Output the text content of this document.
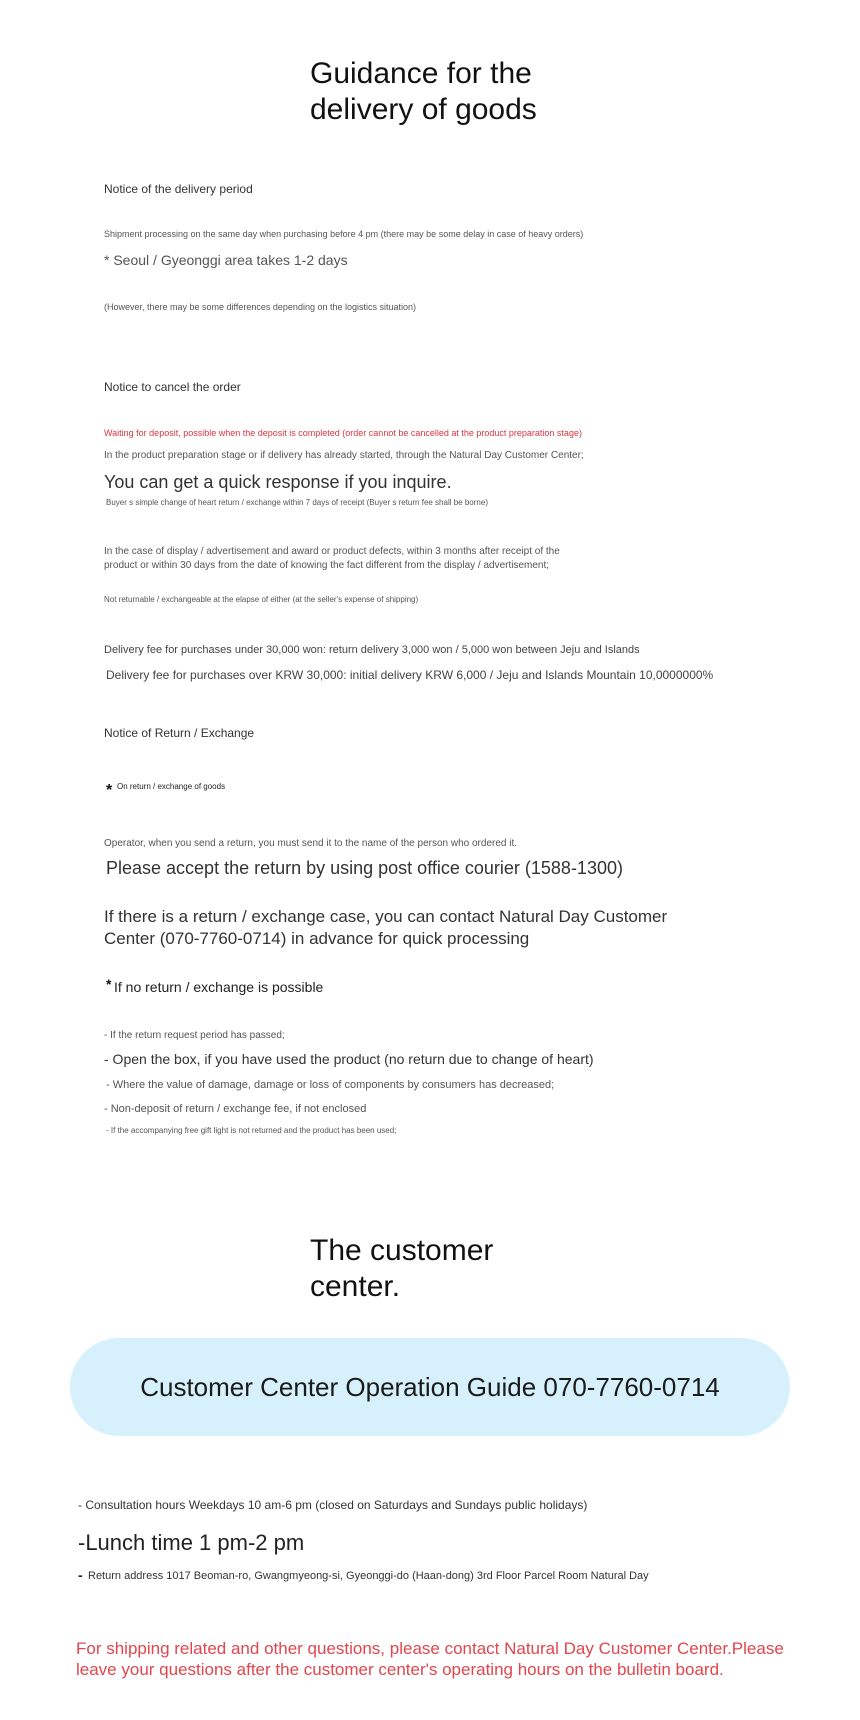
Guidance for the
delivery of goods
Notice of the delivery period
Shipment processing on the same day when purchasing before 4 pm (there may be some delay in case of heavy orders)
* Seoul / Gyeonggi area takes 1-2 days
(However, there may be some differences depending on the logistics situation)
Notice to cancel the order
Waiting for deposit, possible when the deposit is completed (order cannot be cancelled at the product preparation stage)
In the product preparation stage or if delivery has already started, through the Natural Day Customer Center;
You can get a quick response if you inquire.
Buyer s simple change of heart return / exchange within 7 days of receipt (Buyer s return fee shall be borne)
In the case of display / advertisement and award or product defects, within 3 months after receipt of the product or within 30 days from the date of knowing the fact different from the display / advertisement;
Not returnable / exchangeable at the elapse of either (at the seller's expense of shipping)
Delivery fee for purchases under 30,000 won: return delivery 3,000 won / 5,000 won between Jeju and Islands
Delivery fee for purchases over KRW 30,000: initial delivery KRW 6,000 / Jeju and Islands Mountain 10,0000000%
Notice of Return / Exchange
* On return / exchange of goods
Operator, when you send a return, you must send it to the name of the person who ordered it.
Please accept the return by using post office courier (1588-1300)
If there is a return / exchange case, you can contact Natural Day Customer Center (070-7760-0714) in advance for quick processing
* If no return / exchange is possible
- If the return request period has passed;
- Open the box, if you have used the product (no return due to change of heart)
- Where the value of damage, damage or loss of components by consumers has decreased;
- Non-deposit of return / exchange fee, if not enclosed
- If the accompanying free gift light is not returned and the product has been used;
The customer
center.
Customer Center Operation Guide 070-7760-0714
- Consultation hours Weekdays 10 am-6 pm (closed on Saturdays and Sundays public holidays)
-Lunch time 1 pm-2 pm
- Return address 1017 Beoman-ro, Gwangmyeong-si, Gyeonggi-do (Haan-dong) 3rd Floor Parcel Room Natural Day
For shipping related and other questions, please contact Natural Day Customer Center.Please leave your questions after the customer center's operating hours on the bulletin board.
